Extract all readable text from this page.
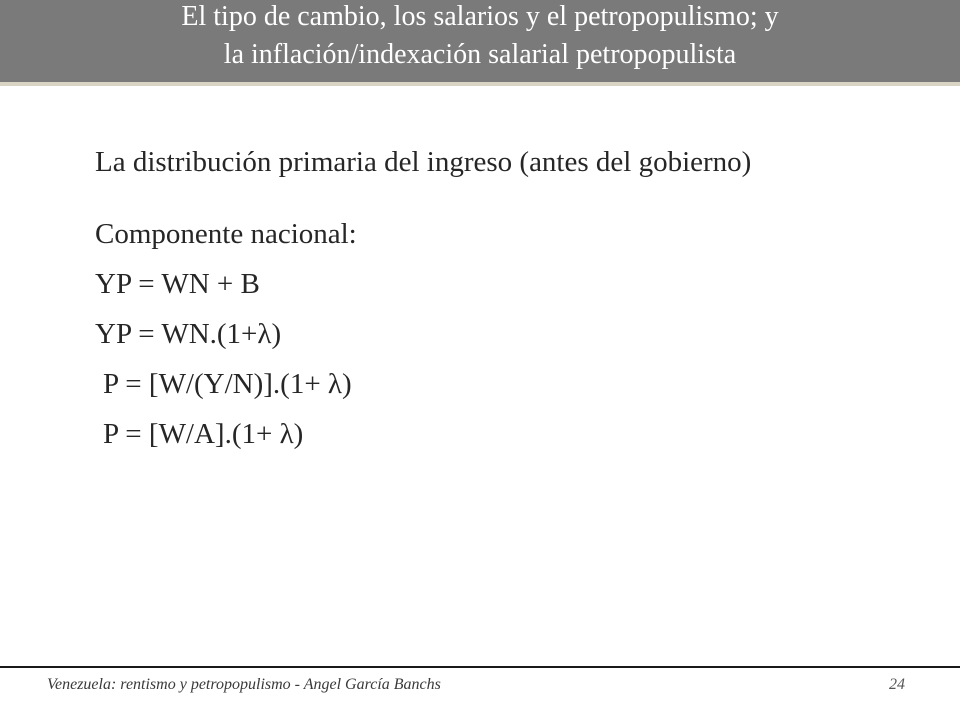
El tipo de cambio, los salarios y el petropopulismo; y
la inflación/indexación salarial petropopulista

La distribución primaria del ingreso (antes del gobierno)

Componente nacional:

YP = WN + B

YP = WN.(1+λ)

P = [W/(Y/N)].(1+ λ)

P = [W/A].(1+ λ)

Venezuela: rentismo y petropopulismo - Angel García Banchs	24
